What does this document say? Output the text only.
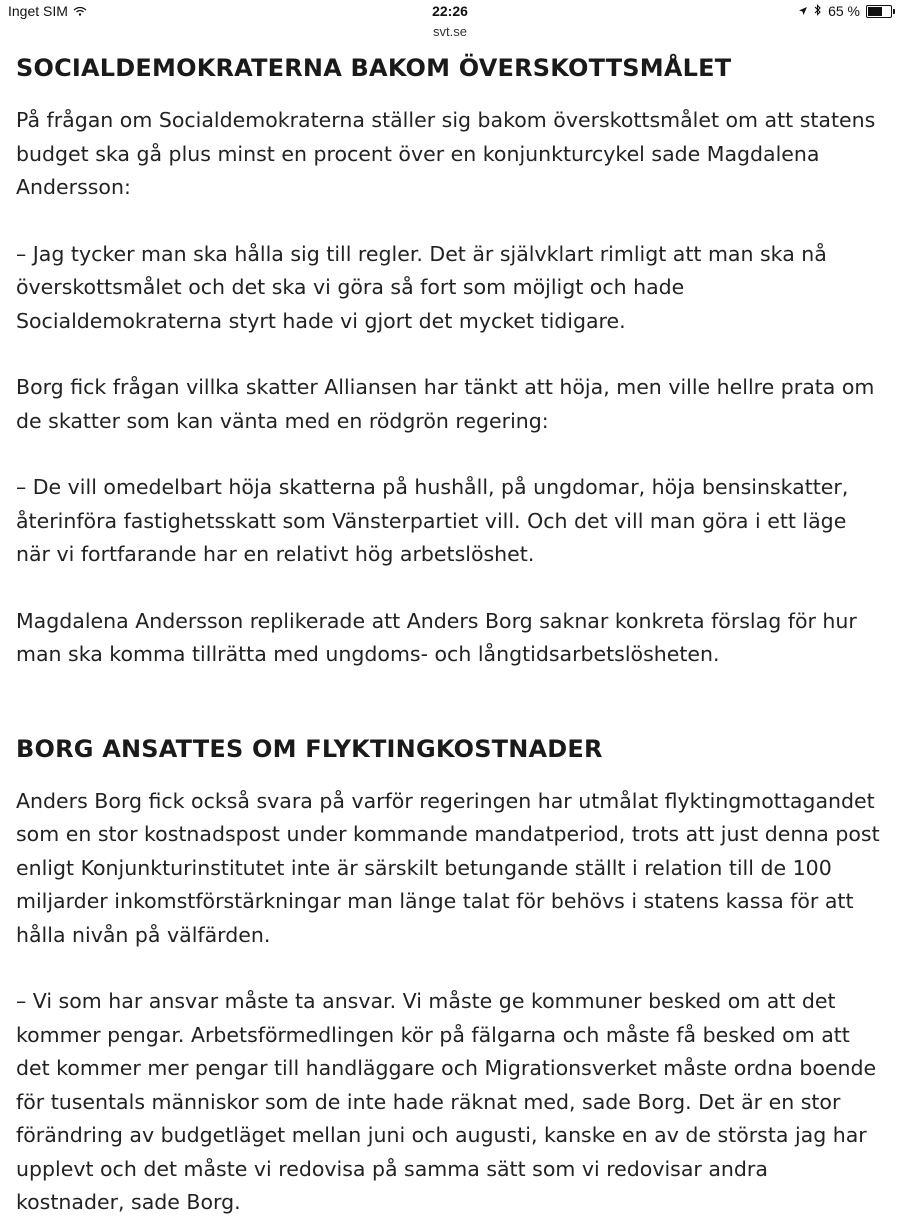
Inget SIM	22:26	65 %
svt.se
SOCIALDEMOKRATERNA BAKOM ÖVERSKOTTSMÅLET

På frågan om Socialdemokraterna ställer sig bakom överskottsmålet om att statens budget ska gå plus minst en procent över en konjunkturcykel sade Magdalena Andersson:

– Jag tycker man ska hålla sig till regler. Det är självklart rimligt att man ska nå överskottsmålet och det ska vi göra så fort som möjligt och hade Socialdemokraterna styrt hade vi gjort det mycket tidigare.

Borg fick frågan villka skatter Alliansen har tänkt att höja, men ville hellre prata om de skatter som kan vänta med en rödgrön regering:

– De vill omedelbart höja skatterna på hushåll, på ungdomar, höja bensinskatter, återinföra fastighetsskatt som Vänsterpartiet vill. Och det vill man göra i ett läge när vi fortfarande har en relativt hög arbetslöshet.

Magdalena Andersson replikerade att Anders Borg saknar konkreta förslag för hur man ska komma tillrätta med ungdoms- och långtidsarbetslösheten.

BORG ANSATTES OM FLYKTINGKOSTNADER

Anders Borg fick också svara på varför regeringen har utmålat flyktingmottagandet som en stor kostnadspost under kommande mandatperiod, trots att just denna post enligt Konjunkturinstitutet inte är särskilt betungande ställt i relation till de 100 miljarder inkomstförstärkningar man länge talat för behövs i statens kassa för att hålla nivån på välfärden.

– Vi som har ansvar måste ta ansvar. Vi måste ge kommuner besked om att det kommer pengar. Arbetsförmedlingen kör på fälgarna och måste få besked om att det kommer mer pengar till handläggare och Migrationsverket måste ordna boende för tusentals människor som de inte hade räknat med, sade Borg. Det är en stor förändring av budgetläget mellan juni och augusti, kanske en av de största jag har upplevt och det måste vi redovisa på samma sätt som vi redovisar andra kostnader, sade Borg.
